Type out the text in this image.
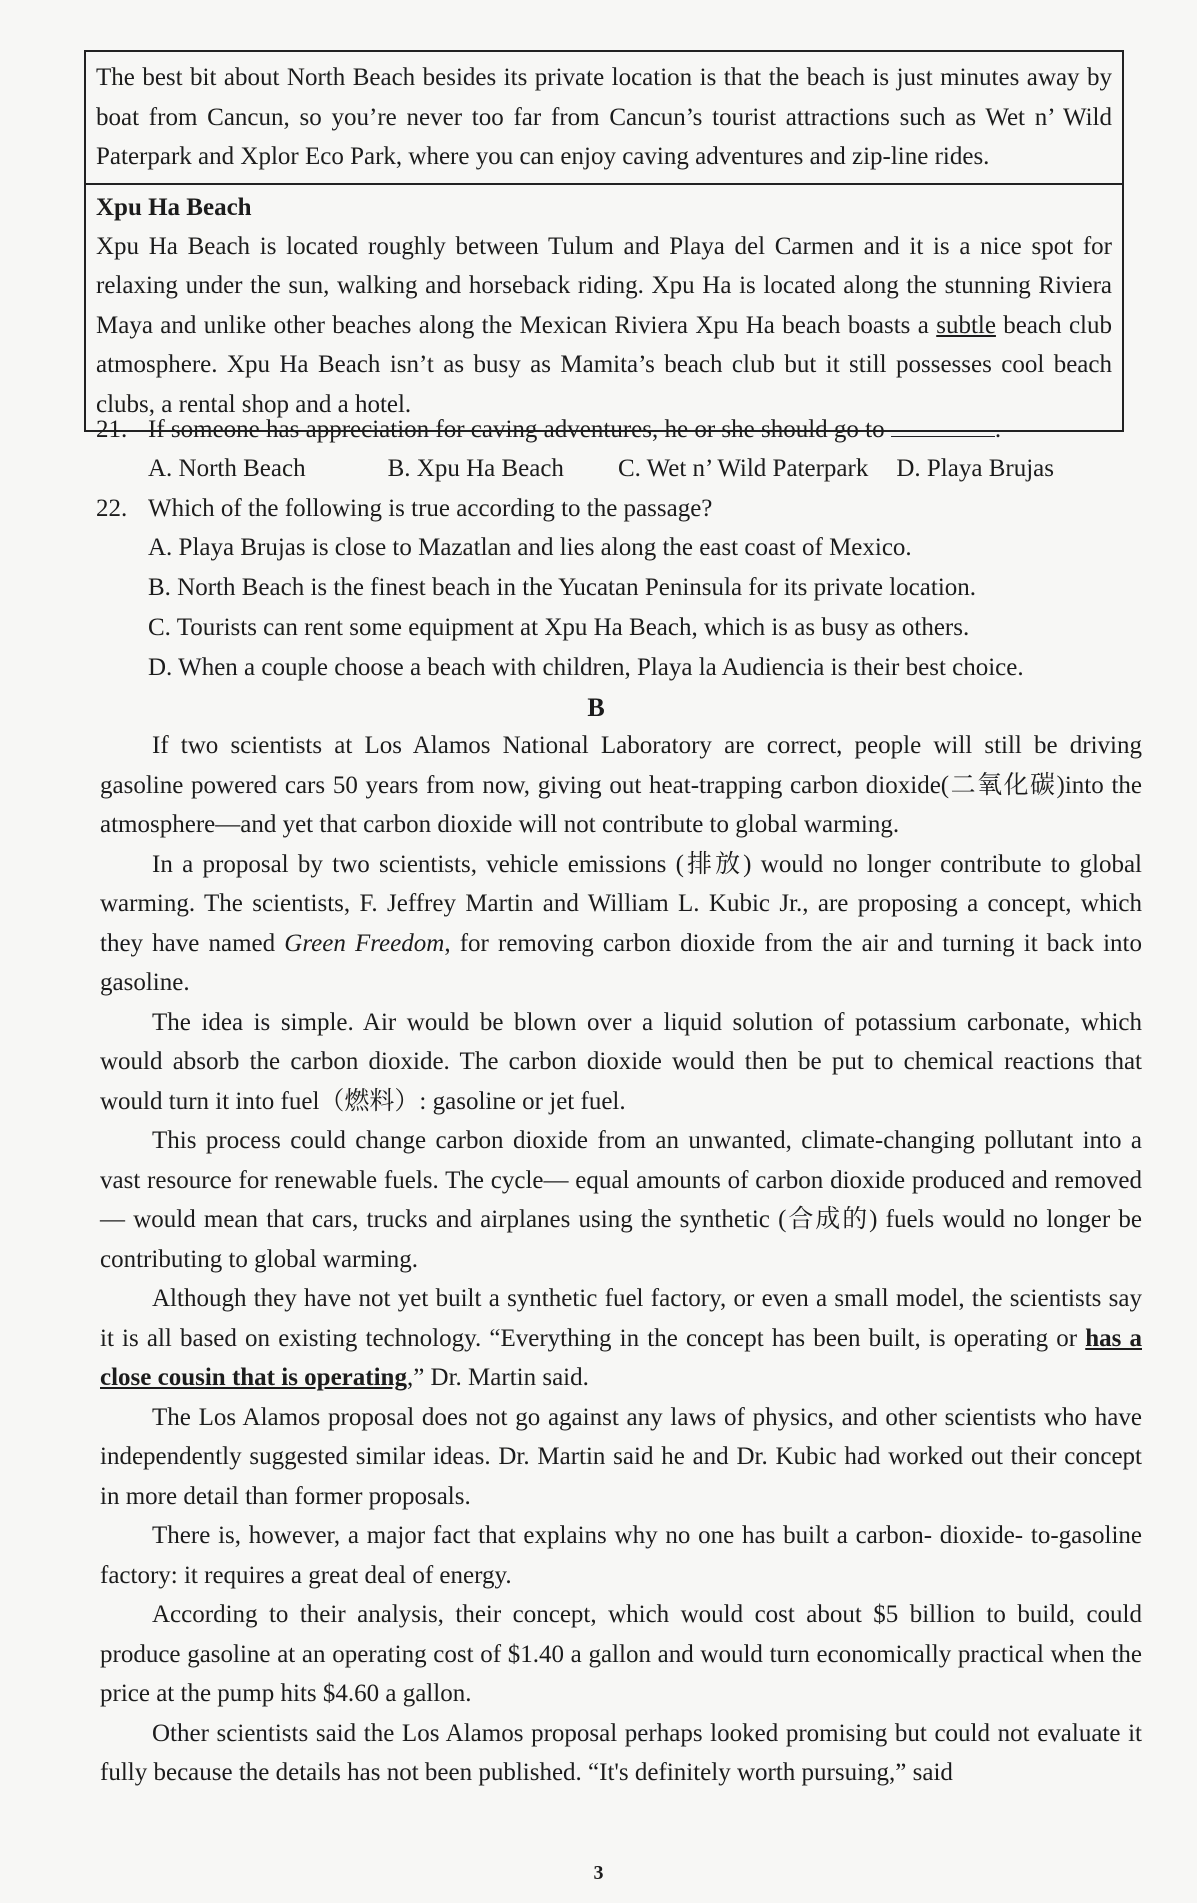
The best bit about North Beach besides its private location is that the beach is just minutes away by boat from Cancun, so you’re never too far from Cancun’s tourist attractions such as Wet n’ Wild Paterpark and Xplor Eco Park, where you can enjoy caving adventures and zip-line rides.

Xpu Ha Beach

Xpu Ha Beach is located roughly between Tulum and Playa del Carmen and it is a nice spot for relaxing under the sun, walking and horseback riding. Xpu Ha is located along the stunning Riviera Maya and unlike other beaches along the Mexican Riviera Xpu Ha beach boasts a subtle beach club atmosphere. Xpu Ha Beach isn’t as busy as Mamita’s beach club but it still possesses cool beach clubs, a rental shop and a hotel.

21. If someone has appreciation for caving adventures, he or she should go to	.

A. North Beach	B. Xpu Ha Beach C. Wet n’ Wild Paterpark D. Playa Brujas

22. Which of the following is true according to the passage?

A. Playa Brujas is close to Mazatlan and lies along the east coast of Mexico.

B. North Beach is the finest beach in the Yucatan Peninsula for its private location.

C. Tourists can rent some equipment at Xpu Ha Beach, which is as busy as others.

D. When a couple choose a beach with children, Playa la Audiencia is their best choice.

B

If two scientists at Los Alamos National Laboratory are correct, people will still be driving gasoline powered cars 50 years from now, giving out heat-trapping carbon dioxide(二氧化碳)into the atmosphere—and yet that carbon dioxide will not contribute to global warming.

In a proposal by two scientists, vehicle emissions (排放) would no longer contribute to global warming. The scientists, F. Jeffrey Martin and William L. Kubic Jr., are proposing a concept, which they have named Green Freedom, for removing carbon dioxide from the air and turning it back into gasoline.

The idea is simple. Air would be blown over a liquid solution of potassium carbonate, which would absorb the carbon dioxide. The carbon dioxide would then be put to chemical reactions that would turn it into fuel（燃料）: gasoline or jet fuel.

This process could change carbon dioxide from an unwanted, climate-changing pollutant into a vast resource for renewable fuels. The cycle— equal amounts of carbon dioxide produced and removed— would mean that cars, trucks and airplanes using the synthetic (合成的) fuels would no longer be contributing to global warming.

Although they have not yet built a synthetic fuel factory, or even a small model, the scientists say it is all based on existing technology. “Everything in the concept has been built, is operating or has a close cousin that is operating,” Dr. Martin said.

The Los Alamos proposal does not go against any laws of physics, and other scientists who have independently suggested similar ideas. Dr. Martin said he and Dr. Kubic had worked out their concept in more detail than former proposals.

There is, however, a major fact that explains why no one has built a carbon- dioxide- to-gasoline factory: it requires a great deal of energy.

According to their analysis, their concept, which would cost about $5 billion to build, could produce gasoline at an operating cost of $1.40 a gallon and would turn economically practical when the price at the pump hits $4.60 a gallon.

Other scientists said the Los Alamos proposal perhaps looked promising but could not evaluate it fully because the details has not been published. “It's definitely worth pursuing,” said

3
